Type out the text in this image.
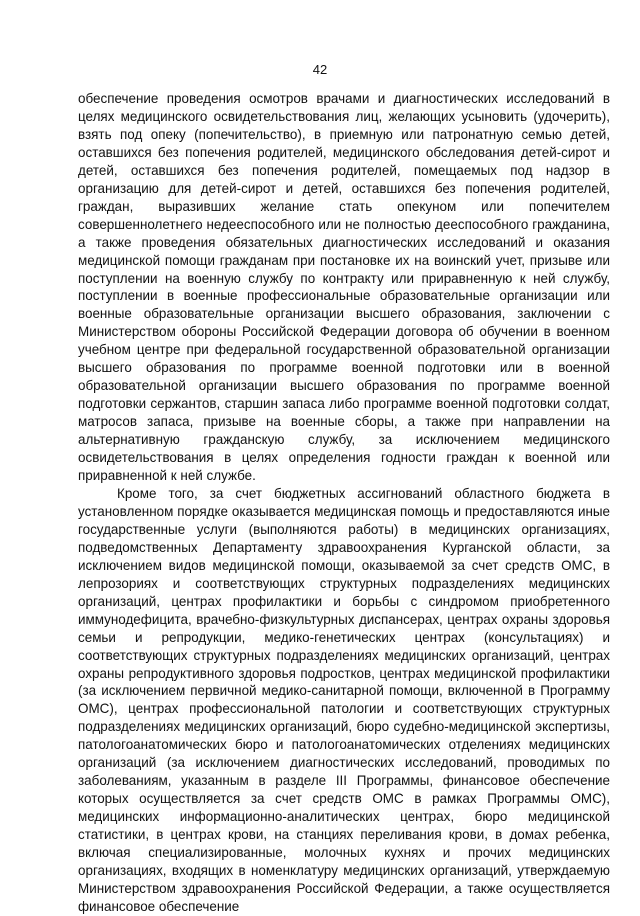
42

обеспечение проведения осмотров врачами и диагностических исследований в целях медицинского освидетельствования лиц, желающих усыновить (удочерить), взять под опеку (попечительство), в приемную или патронатную семью детей, оставшихся без попечения родителей, медицинского обследования детей-сирот и детей, оставшихся без попечения родителей, помещаемых под надзор в организацию для детей-сирот и детей, оставшихся без попечения родителей, граждан, выразивших желание стать опекуном или попечителем совершеннолетнего недееспособного или не полностью дееспособного гражданина, а также проведения обязательных диагностических исследований и оказания медицинской помощи гражданам при постановке их на воинский учет, призыве или поступлении на военную службу по контракту или приравненную к ней службу, поступлении в военные профессиональные образовательные организации или военные образовательные организации высшего образования, заключении с Министерством обороны Российской Федерации договора об обучении в военном учебном центре при федеральной государственной образовательной организации высшего образования по программе военной подготовки или в военной образовательной организации высшего образования по программе военной подготовки сержантов, старшин запаса либо программе военной подготовки солдат, матросов запаса, призыве на военные сборы, а также при направлении на альтернативную гражданскую службу, за исключением медицинского освидетельствования в целях определения годности граждан к военной или приравненной к ней службе.

Кроме того, за счет бюджетных ассигнований областного бюджета в установленном порядке оказывается медицинская помощь и предоставляются иные государственные услуги (выполняются работы) в медицинских организациях, подведомственных Департаменту здравоохранения Курганской области, за исключением видов медицинской помощи, оказываемой за счет средств ОМС, в лепрозориях и соответствующих структурных подразделениях медицинских организаций, центрах профилактики и борьбы с синдромом приобретенного иммунодефицита, врачебно-физкультурных диспансерах, центрах охраны здоровья семьи и репродукции, медико-генетических центрах (консультациях) и соответствующих структурных подразделениях медицинских организаций, центрах охраны репродуктивного здоровья подростков, центрах медицинской профилактики (за исключением первичной медико-санитарной помощи, включенной в Программу ОМС), центрах профессиональной патологии и соответствующих структурных подразделениях медицинских организаций, бюро судебно-медицинской экспертизы, патологоанатомических бюро и патологоанатомических отделениях медицинских организаций (за исключением диагностических исследований, проводимых по заболеваниям, указанным в разделе III Программы, финансовое обеспечение которых осуществляется за счет средств ОМС в рамках Программы ОМС), медицинских информационно-аналитических центрах, бюро медицинской статистики, в центрах крови, на станциях переливания крови, в домах ребенка, включая специализированные, молочных кухнях и прочих медицинских организациях, входящих в номенклатуру медицинских организаций, утверждаемую Министерством здравоохранения Российской Федерации, а также осуществляется финансовое обеспечение
